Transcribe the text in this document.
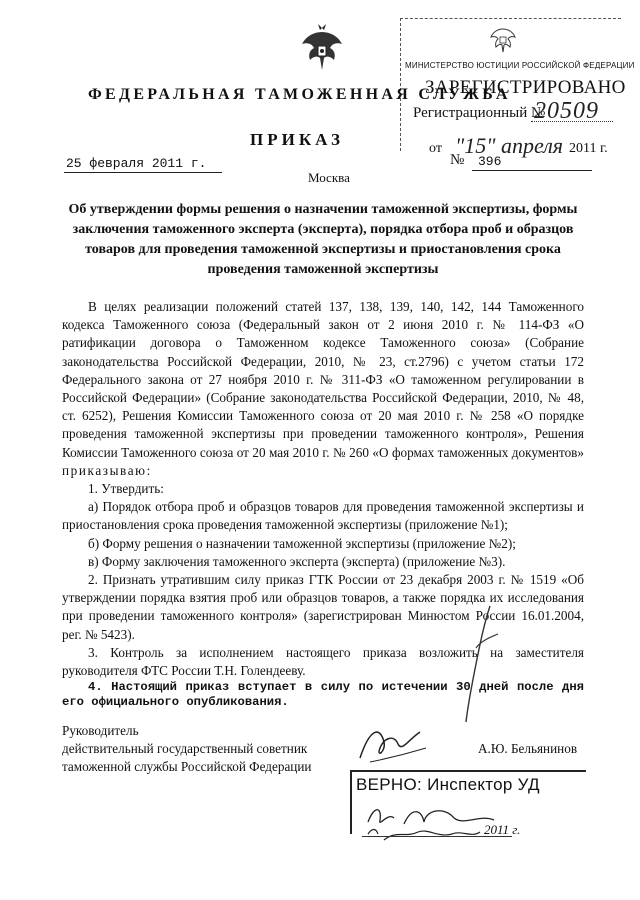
МИНИСТЕРСТВО ЮСТИЦИИ РОССИЙСКОЙ ФЕДЕРАЦИИ
ЗАРЕГИСТРИРОВАНО
Регистрационный №
20509
от "15" апреля 2011 г.
ФЕДЕРАЛЬНАЯ ТАМОЖЕННАЯ СЛУЖБА
ПРИКАЗ
25 февраля 2011 г.
Москва
№ 396
Об утверждении формы решения о назначении таможенной экспертизы, формы заключения таможенного эксперта (эксперта), порядка отбора проб и образцов товаров для проведения таможенной экспертизы и приостановления срока проведения таможенной экспертизы

В целях реализации положений статей 137, 138, 139, 140, 142, 144 Таможенного кодекса Таможенного союза (Федеральный закон от 2 июня 2010 г. № 114-ФЗ «О ратификации договора о Таможенном кодексе Таможенного союза» (Собрание законодательства Российской Федерации, 2010, № 23, ст.2796) с учетом статьи 172 Федерального закона от 27 ноября 2010 г. № 311-ФЗ «О таможенном регулировании в Российской Федерации» (Собрание законодательства Российской Федерации, 2010, № 48, ст. 6252), Решения Комиссии Таможенного союза от 20 мая 2010 г. № 258 «О порядке проведения таможенной экспертизы при проведении таможенного контроля», Решения Комиссии Таможенного союза от 20 мая 2010 г. № 260 «О формах таможенных документов» приказываю:

1. Утвердить:

а) Порядок отбора проб и образцов товаров для проведения таможенной экспертизы и приостановления срока проведения таможенной экспертизы (приложение №1);

б) Форму решения о назначении таможенной экспертизы (приложение №2);

в) Форму заключения таможенного эксперта (эксперта) (приложение №3).

2. Признать утратившим силу приказ ГТК России от 23 декабря 2003 г. № 1519 «Об утверждении порядка взятия проб или образцов товаров, а также порядка их исследования при проведении таможенного контроля» (зарегистрирован Минюстом России 16.01.2004, рег. № 5423).

3. Контроль за исполнением настоящего приказа возложить на заместителя руководителя ФТС России Т.Н. Голендееву.

4. Настоящий приказ вступает в силу по истечении 30 дней после дня его официального опубликования.

Руководитель
действительный государственный советник
таможенной службы Российской Федерации
А.Ю. Бельянинов
ВЕРНО: Инспектор УД
2011 г.
